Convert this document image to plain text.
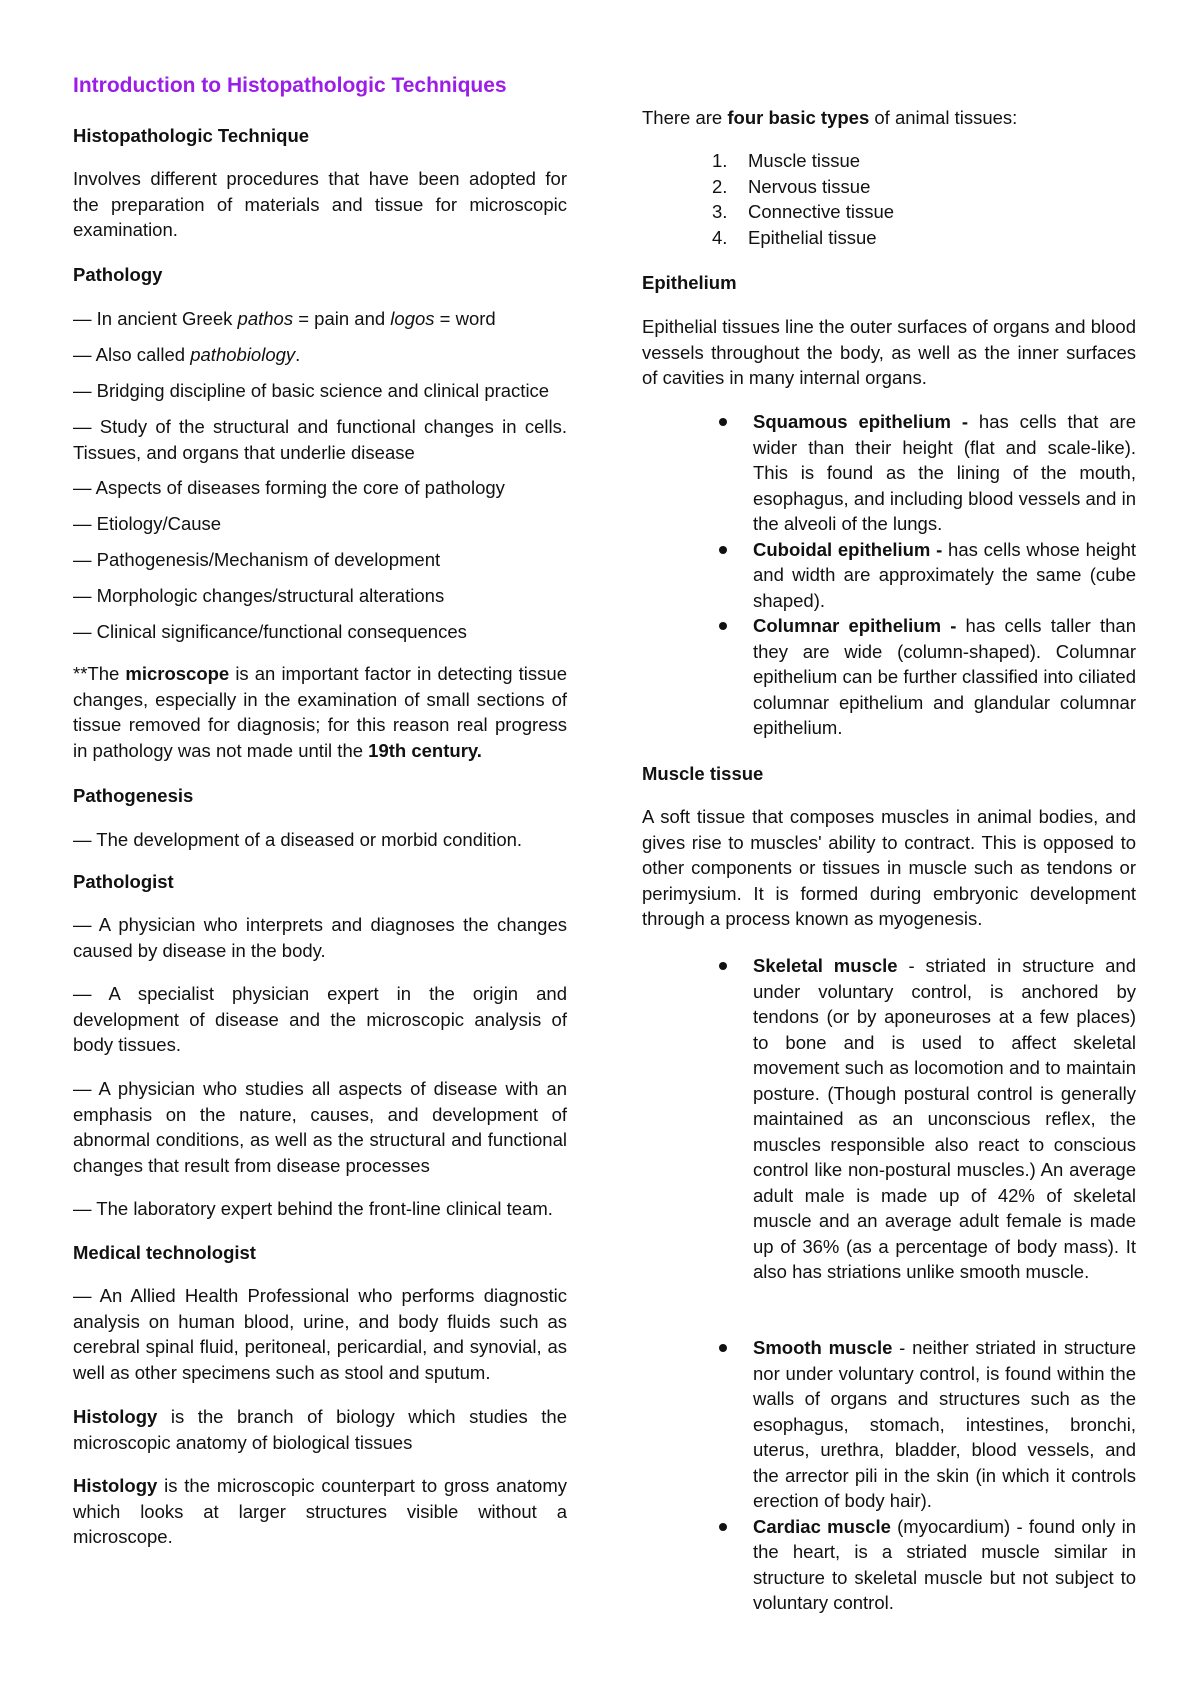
Introduction to Histopathologic Techniques

Histopathologic Technique

Involves different procedures that have been adopted for the preparation of materials and tissue for microscopic examination.

Pathology

— In ancient Greek pathos = pain and logos = word

— Also called pathobiology.

— Bridging discipline of basic science and clinical practice

— Study of the structural and functional changes in cells. Tissues, and organs that underlie disease

— Aspects of diseases forming the core of pathology

— Etiology/Cause

— Pathogenesis/Mechanism of development

— Morphologic changes/structural alterations

— Clinical significance/functional consequences

**The microscope is an important factor in detecting tissue changes, especially in the examination of small sections of tissue removed for diagnosis; for this reason real progress in pathology was not made until the 19th century.

Pathogenesis

— The development of a diseased or morbid condition.

Pathologist

— A physician who interprets and diagnoses the changes caused by disease in the body.

— A specialist physician expert in the origin and development of disease and the microscopic analysis of body tissues.

— A physician who studies all aspects of disease with an emphasis on the nature, causes, and development of abnormal conditions, as well as the structural and functional changes that result from disease processes

— The laboratory expert behind the front-line clinical team.

Medical technologist

— An Allied Health Professional who performs diagnostic analysis on human blood, urine, and body fluids such as cerebral spinal fluid, peritoneal, pericardial, and synovial, as well as other specimens such as stool and sputum.

Histology is the branch of biology which studies the microscopic anatomy of biological tissues

Histology is the microscopic counterpart to gross anatomy which looks at larger structures visible without a microscope.

There are four basic types of animal tissues:

1. Muscle tissue
2. Nervous tissue
3. Connective tissue
4. Epithelial tissue

Epithelium

Epithelial tissues line the outer surfaces of organs and blood vessels throughout the body, as well as the inner surfaces of cavities in many internal organs.

Squamous epithelium - has cells that are wider than their height (flat and scale-like). This is found as the lining of the mouth, esophagus, and including blood vessels and in the alveoli of the lungs.
Cuboidal epithelium - has cells whose height and width are approximately the same (cube shaped).
Columnar epithelium - has cells taller than they are wide (column-shaped). Columnar epithelium can be further classified into ciliated columnar epithelium and glandular columnar epithelium.

Muscle tissue

A soft tissue that composes muscles in animal bodies, and gives rise to muscles' ability to contract. This is opposed to other components or tissues in muscle such as tendons or perimysium. It is formed during embryonic development through a process known as myogenesis.

Skeletal muscle - striated in structure and under voluntary control, is anchored by tendons (or by aponeuroses at a few places) to bone and is used to affect skeletal movement such as locomotion and to maintain posture. (Though postural control is generally maintained as an unconscious reflex, the muscles responsible also react to conscious control like non-postural muscles.) An average adult male is made up of 42% of skeletal muscle and an average adult female is made up of 36% (as a percentage of body mass). It also has striations unlike smooth muscle.
Smooth muscle - neither striated in structure nor under voluntary control, is found within the walls of organs and structures such as the esophagus, stomach, intestines, bronchi, uterus, urethra, bladder, blood vessels, and the arrector pili in the skin (in which it controls erection of body hair).
Cardiac muscle (myocardium) - found only in the heart, is a striated muscle similar in structure to skeletal muscle but not subject to voluntary control.
